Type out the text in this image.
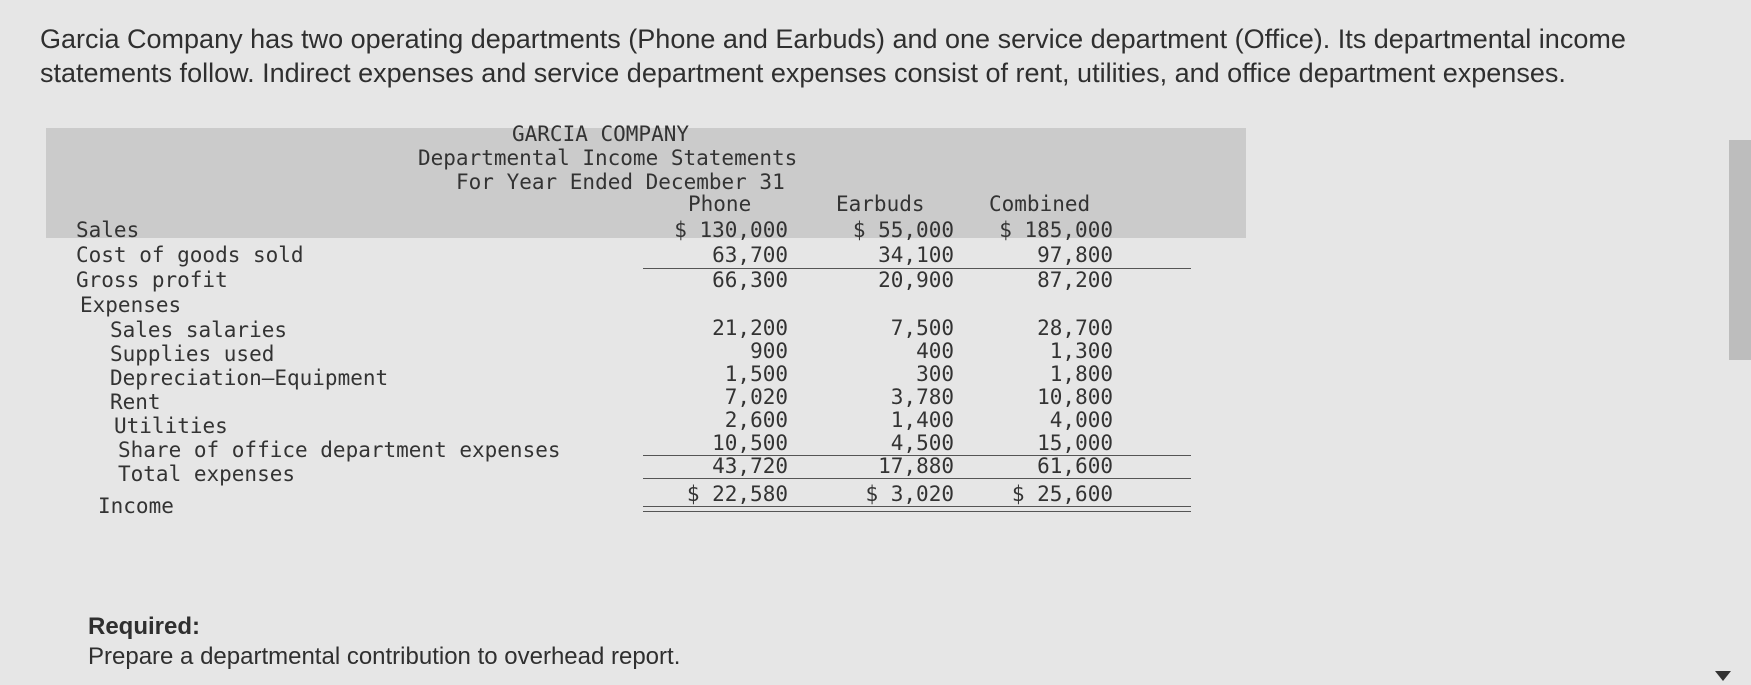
Garcia Company has two operating departments (Phone and Earbuds) and one service department (Office). Its departmental income
statements follow. Indirect expenses and service department expenses consist of rent, utilities, and office department expenses.
GARCIA COMPANY
Departmental Income Statements
For Year Ended December 31
Phone	Earbuds	Combined
Sales	$ 130,000	$ 55,000 $ 185,000
Cost of goods sold	63,700	34,100	97,800
Gross profit	66,300	20,900	87,200
Expenses
Sales salaries	21,200	7,500	28,700
Supplies used	900	400	1,300
Depreciation—Equipment	1,500	300	1,800
Rent	7,020	3,780	10,800
Utilities	2,600	1,400	4,000
Share of office department expenses	10,500	4,500	15,000
Total expenses	43,720	17,880	61,600
Income	$ 22,580	$ 3,020	$ 25,600
Required:
Prepare a departmental contribution to overhead report.
